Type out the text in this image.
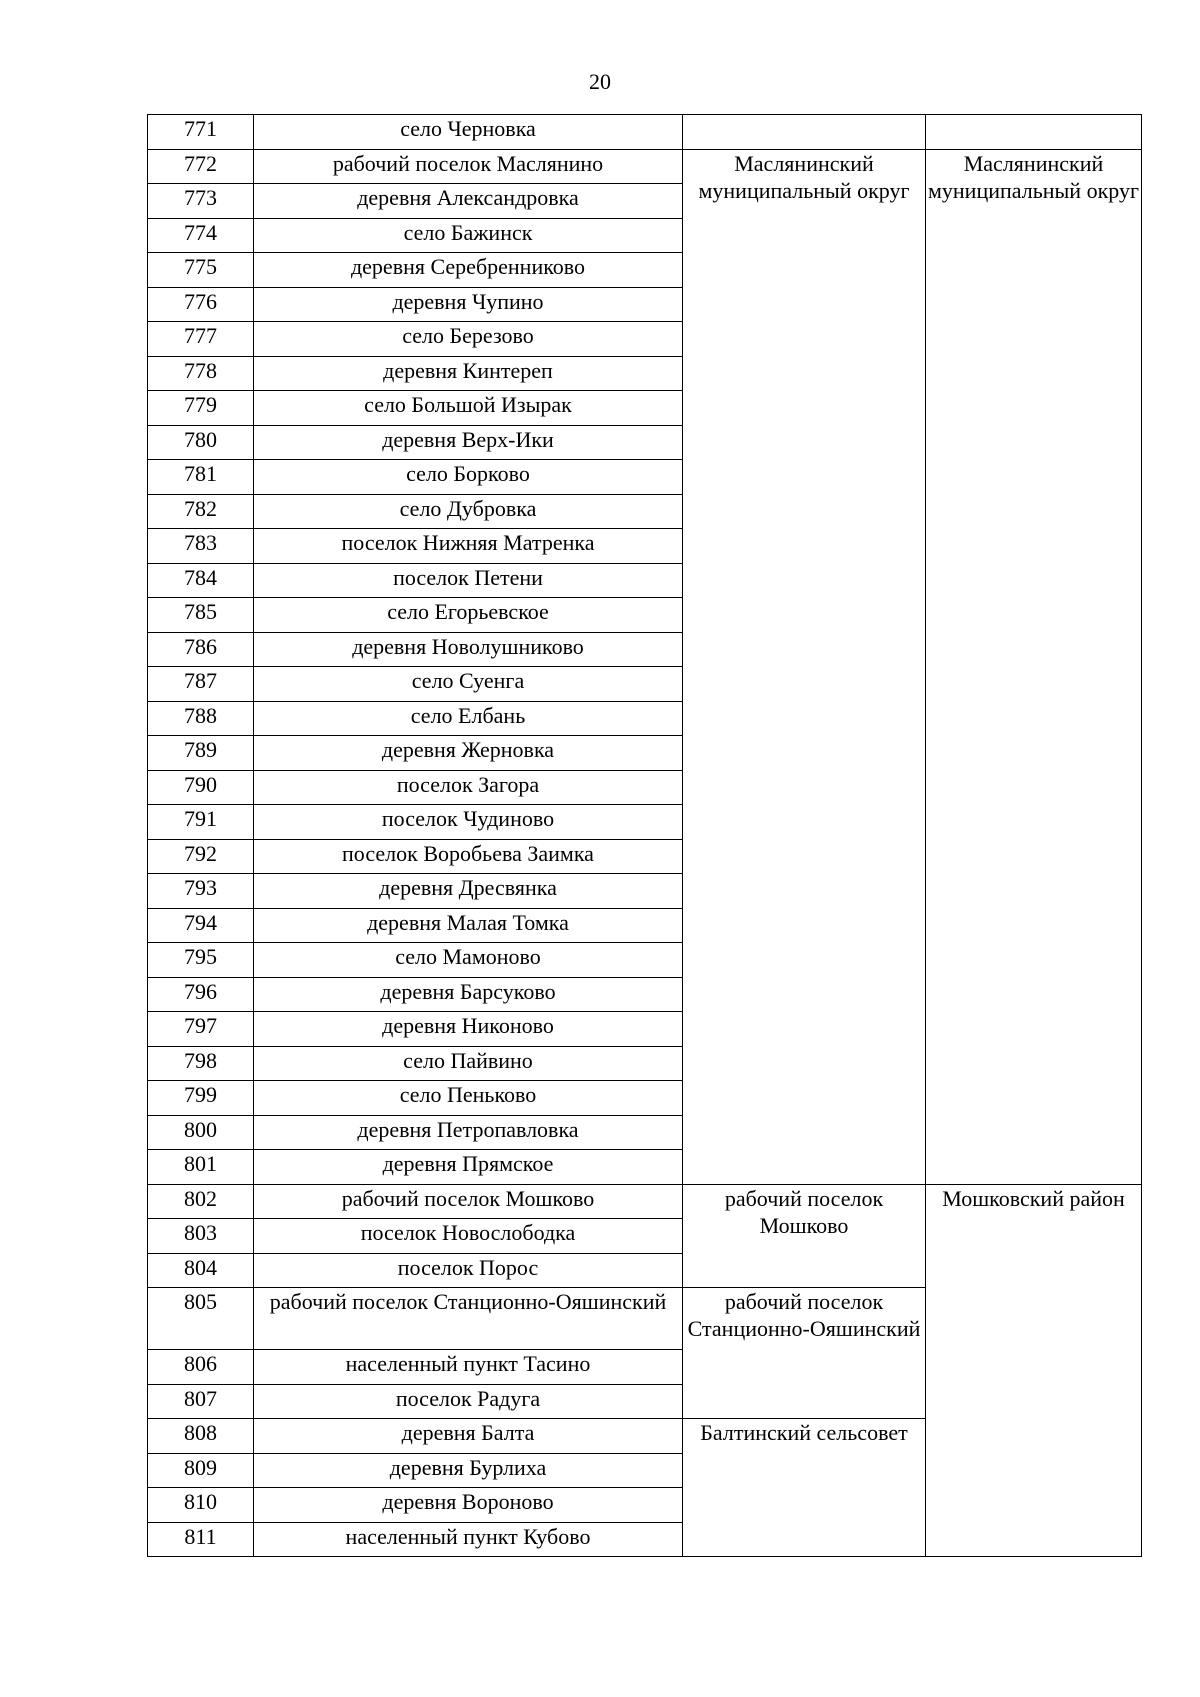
20
771	село Черновка		
772	рабочий поселок Маслянино	Маслянинский муниципальный округ	Маслянинский муниципальный округ
773	деревня Александровка		
774	село Бажинск		
775	деревня Серебренниково		
776	деревня Чупино		
777	село Березово		
778	деревня Кинтереп		
779	село Большой Изырак		
780	деревня Верх-Ики		
781	село Борково		
782	село Дубровка		
783	поселок Нижняя Матренка		
784	поселок Петени		
785	село Егорьевское		
786	деревня Новолушниково		
787	село Суенга		
788	село Елбань		
789	деревня Жерновка		
790	поселок Загора		
791	поселок Чудиново		
792	поселок Воробьева Заимка		
793	деревня Дресвянка		
794	деревня Малая Томка		
795	село Мамоново		
796	деревня Барсуково		
797	деревня Никоново		
798	село Пайвино		
799	село Пеньково		
800	деревня Петропавловка		
801	деревня Прямское		
802	рабочий поселок Мошково	рабочий поселок Мошково	Мошковский район
803	поселок Новослободка		
804	поселок Порос		
805	рабочий поселок Станционно-Ояшинский	рабочий поселок Станционно-Ояшинский	
806	населенный пункт Тасино		
807	поселок Радуга		
808	деревня Балта	Балтинский сельсовет	
809	деревня Бурлиха		
810	деревня Вороново		
811	населенный пункт Кубово		
